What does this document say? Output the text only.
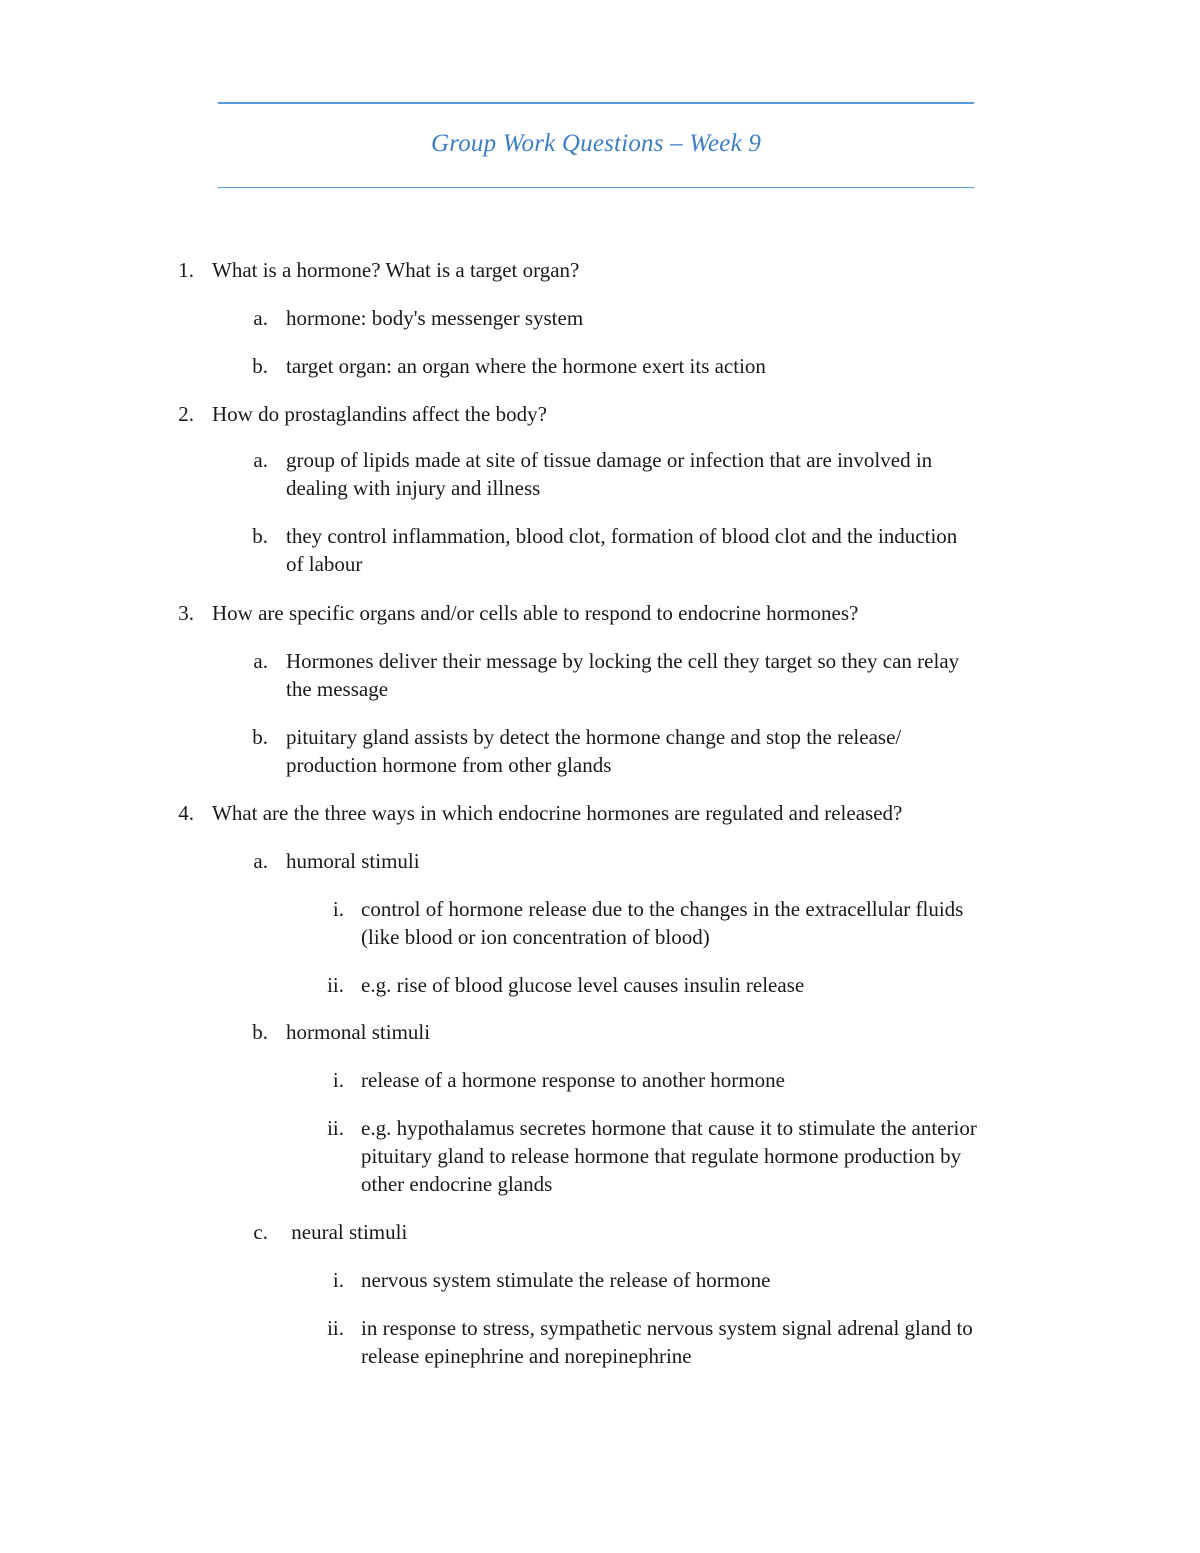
Group Work Questions – Week 9
1. What is a hormone? What is a target organ?
a. hormone: body's messenger system
b. target organ: an organ where the hormone exert its action
2. How do prostaglandins affect the body?
a. group of lipids made at site of tissue damage or infection that are involved in
dealing with injury and illness
b. they control inflammation, blood clot, formation of blood clot and the induction
of labour
3. How are specific organs and/or cells able to respond to endocrine hormones?
a. Hormones deliver their message by locking the cell they target so they can relay
the message
b. pituitary gland assists by detect the hormone change and stop the release/
production hormone from other glands
4. What are the three ways in which endocrine hormones are regulated and released?
a. humoral stimuli
i. control of hormone release due to the changes in the extracellular fluids
(like blood or ion concentration of blood)
ii. e.g. rise of blood glucose level causes insulin release
b. hormonal stimuli
i. release of a hormone response to another hormone
ii. e.g. hypothalamus secretes hormone that cause it to stimulate the anterior
pituitary gland to release hormone that regulate hormone production by
other endocrine glands
c. neural stimuli
i. nervous system stimulate the release of hormone
ii. in response to stress, sympathetic nervous system signal adrenal gland to
release epinephrine and norepinephrine
